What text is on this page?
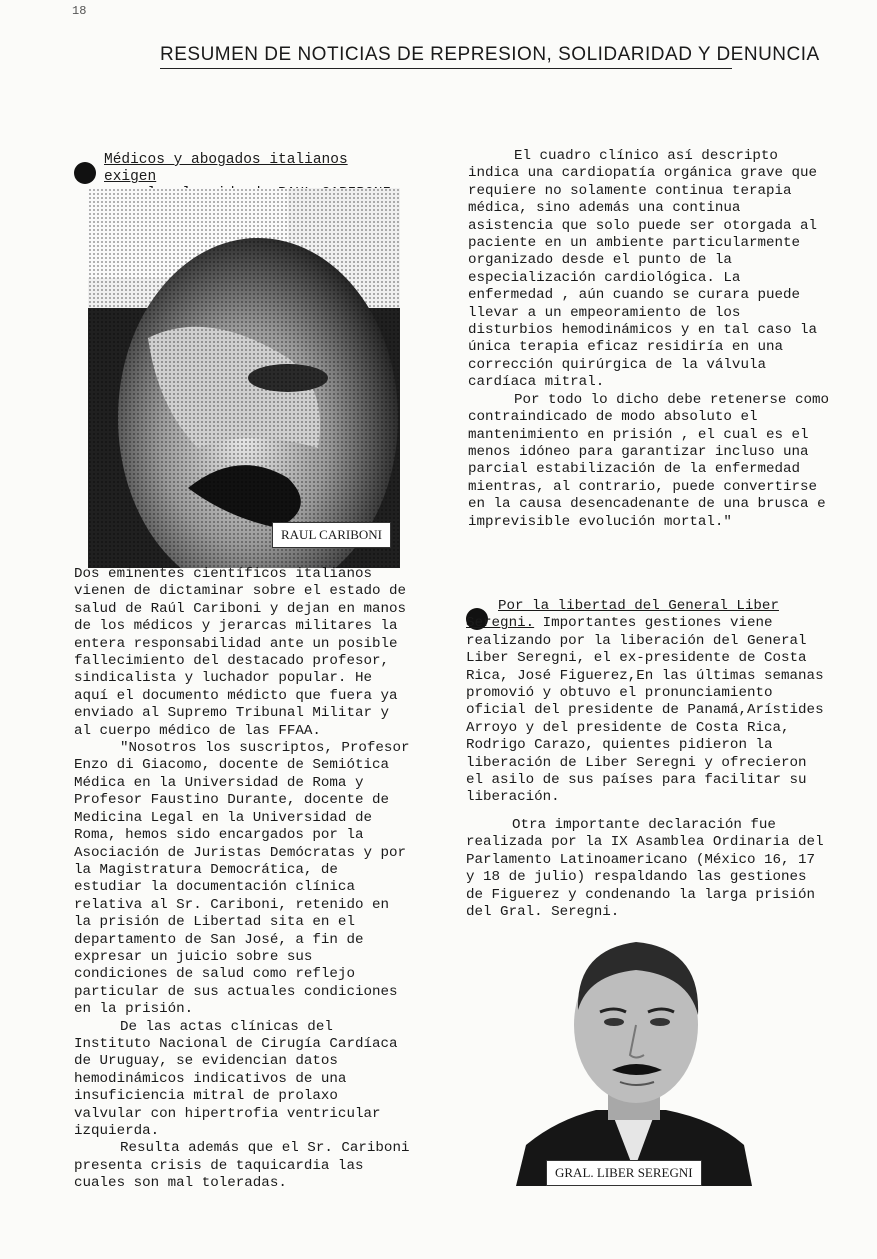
18
RESUMEN DE NOTICIAS DE REPRESION, SOLIDARIDAD Y DENUNCIA
Médicos y abogados italianos exigen
RAUL CARIBONI

Dos eminentes científicos italianos vienen de dictaminar sobre el estado de salud de Raúl Cariboni y dejan en manos de los médicos y jerarcas militares la entera responsabilidad ante un posible fallecimiento del destacado profesor, sindicalista y luchador popular. He aquí el documento médicto que fuera ya enviado al Supremo Tribunal Militar y al cuerpo médico de las FFAA.

"Nosotros los suscriptos, Profesor Enzo di Giacomo, docente de Semiótica Médica en la Universidad de Roma y Profesor Faustino Durante, docente de Medicina Legal en la Universidad de Roma, hemos sido encargados por la Asociación de Juristas Demócratas y por la Magistratura Democrática, de estudiar la documentación clínica relativa al Sr. Cariboni, retenido en la prisión de Libertad sita en el departamento de San José, a fin de expresar un juicio sobre sus condiciones de salud como reflejo particular de sus actuales condiciones en la prisión.

De las actas clínicas del Instituto Nacional de Cirugía Cardíaca de Uruguay, se evidencian datos hemodinámicos indicativos de una insuficiencia mitral de prolaxo valvular con hipertrofia ventricular izquierda.

Resulta además que el Sr. Cariboni presenta crisis de taquicardia las cuales son mal toleradas.

El cuadro clínico así descripto indica una cardiopatía orgánica grave que requiere no solamente continua terapia médica, sino además una continua asistencia que solo puede ser otorgada al paciente en un ambiente particularmente organizado desde el punto de la especialización cardiológica. La enfermedad , aún cuando se curara puede llevar a un empeoramiento de los disturbios hemodinámicos y en tal caso la única terapia eficaz residiría en una corrección quirúrgica de la válvula cardíaca mitral.

Por todo lo dicho debe retenerse como contraindicado de modo absoluto el mantenimiento en prisión , el cual es el menos idóneo para garantizar incluso una parcial estabilización de la enfermedad mientras, al contrario, puede convertirse en la causa desencadenante de una brusca e imprevisible evolución mortal."

Por la libertad del General Liber Seregni. Importantes gestiones viene realizando por la liberación del General Liber Seregni, el ex-presidente de Costa Rica, José Figuerez,En las últimas semanas promovió y obtuvo el pronunciamiento oficial del presidente de Panamá,Arístides Arroyo y del presidente de Costa Rica, Rodrigo Carazo, quientes pidieron la liberación de Liber Seregni y ofrecieron el asilo de sus países para facilitar su liberación.

Otra importante declaración fue realizada por la IX Asamblea Ordinaria del Parlamento Latinoamericano (México 16, 17 y 18 de julio) respaldando las gestiones de Figuerez y condenando la larga prisión del Gral. Seregni.

GRAL. LIBER SEREGNI
